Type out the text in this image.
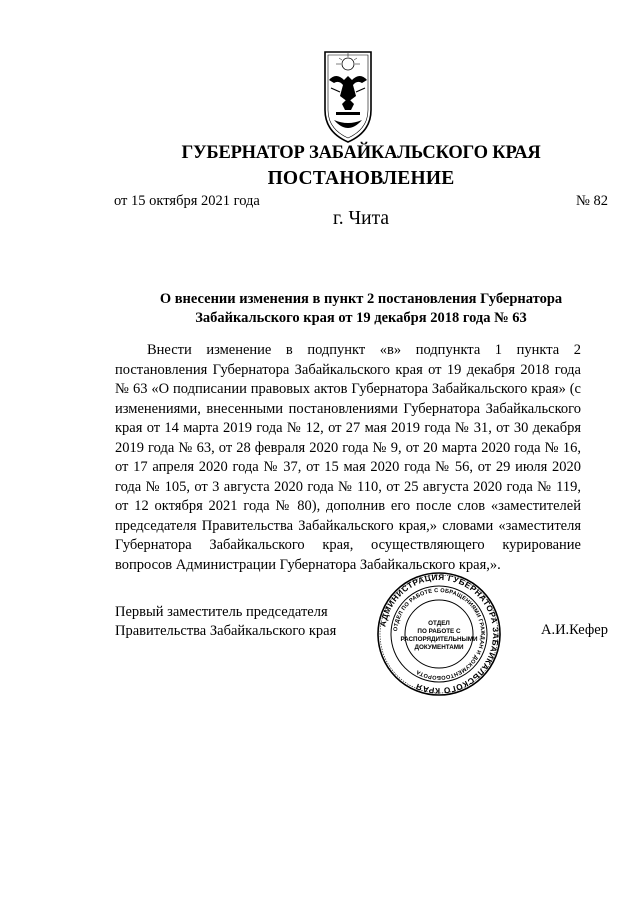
ГУБЕРНАТОР ЗАБАЙКАЛЬСКОГО КРАЯ
ПОСТАНОВЛЕНИЕ
от 15 октября 2021 года	№ 82
г. Чита
О внесении изменения в пункт 2 постановления Губернатора
Забайкальского края от 19 декабря 2018 года № 63

Внести изменение в подпункт «в» подпункта 1 пункта 2 постановления Губернатора Забайкальского края от 19 декабря 2018 года № 63 «О подписании правовых актов Губернатора Забайкальского края» (с изменениями, внесенными постановлениями Губернатора Забайкальского края от 14 марта 2019 года № 12, от 27 мая 2019 года № 31, от 30 декабря 2019 года № 63, от 28 февраля 2020 года № 9, от 20 марта 2020 года № 16, от 17 апреля 2020 года № 37, от 15 мая 2020 года № 56, от 29 июля 2020 года № 105, от 3 августа 2020 года № 110, от 25 августа 2020 года № 119, от 12 октября 2021 года № 80), дополнив его после слов «заместителей председателя Правительства Забайкальского края,» словами «заместителя Губернатора Забайкальского края, осуществляющего курирование вопросов Администрации Губернатора Забайкальского края,».

Первый заместитель председателя
Правительства Забайкальского края	АДМИНИСТРАЦИЯ ГУБЕРНАТОРА ЗАБАЙКАЛЬСКОГО КРАЯ
ОТДЕЛ ПО РАБОТЕ С ОБРАЩЕНИЯМИ ГРАЖДАН И ДОКУМЕНТООБОРОТА
ОТДЕЛ
ПО РАБОТЕ С
РАСПОРЯДИТЕЛЬНЫМИ
ДОКУМЕНТАМИ
А.И.Кефер
